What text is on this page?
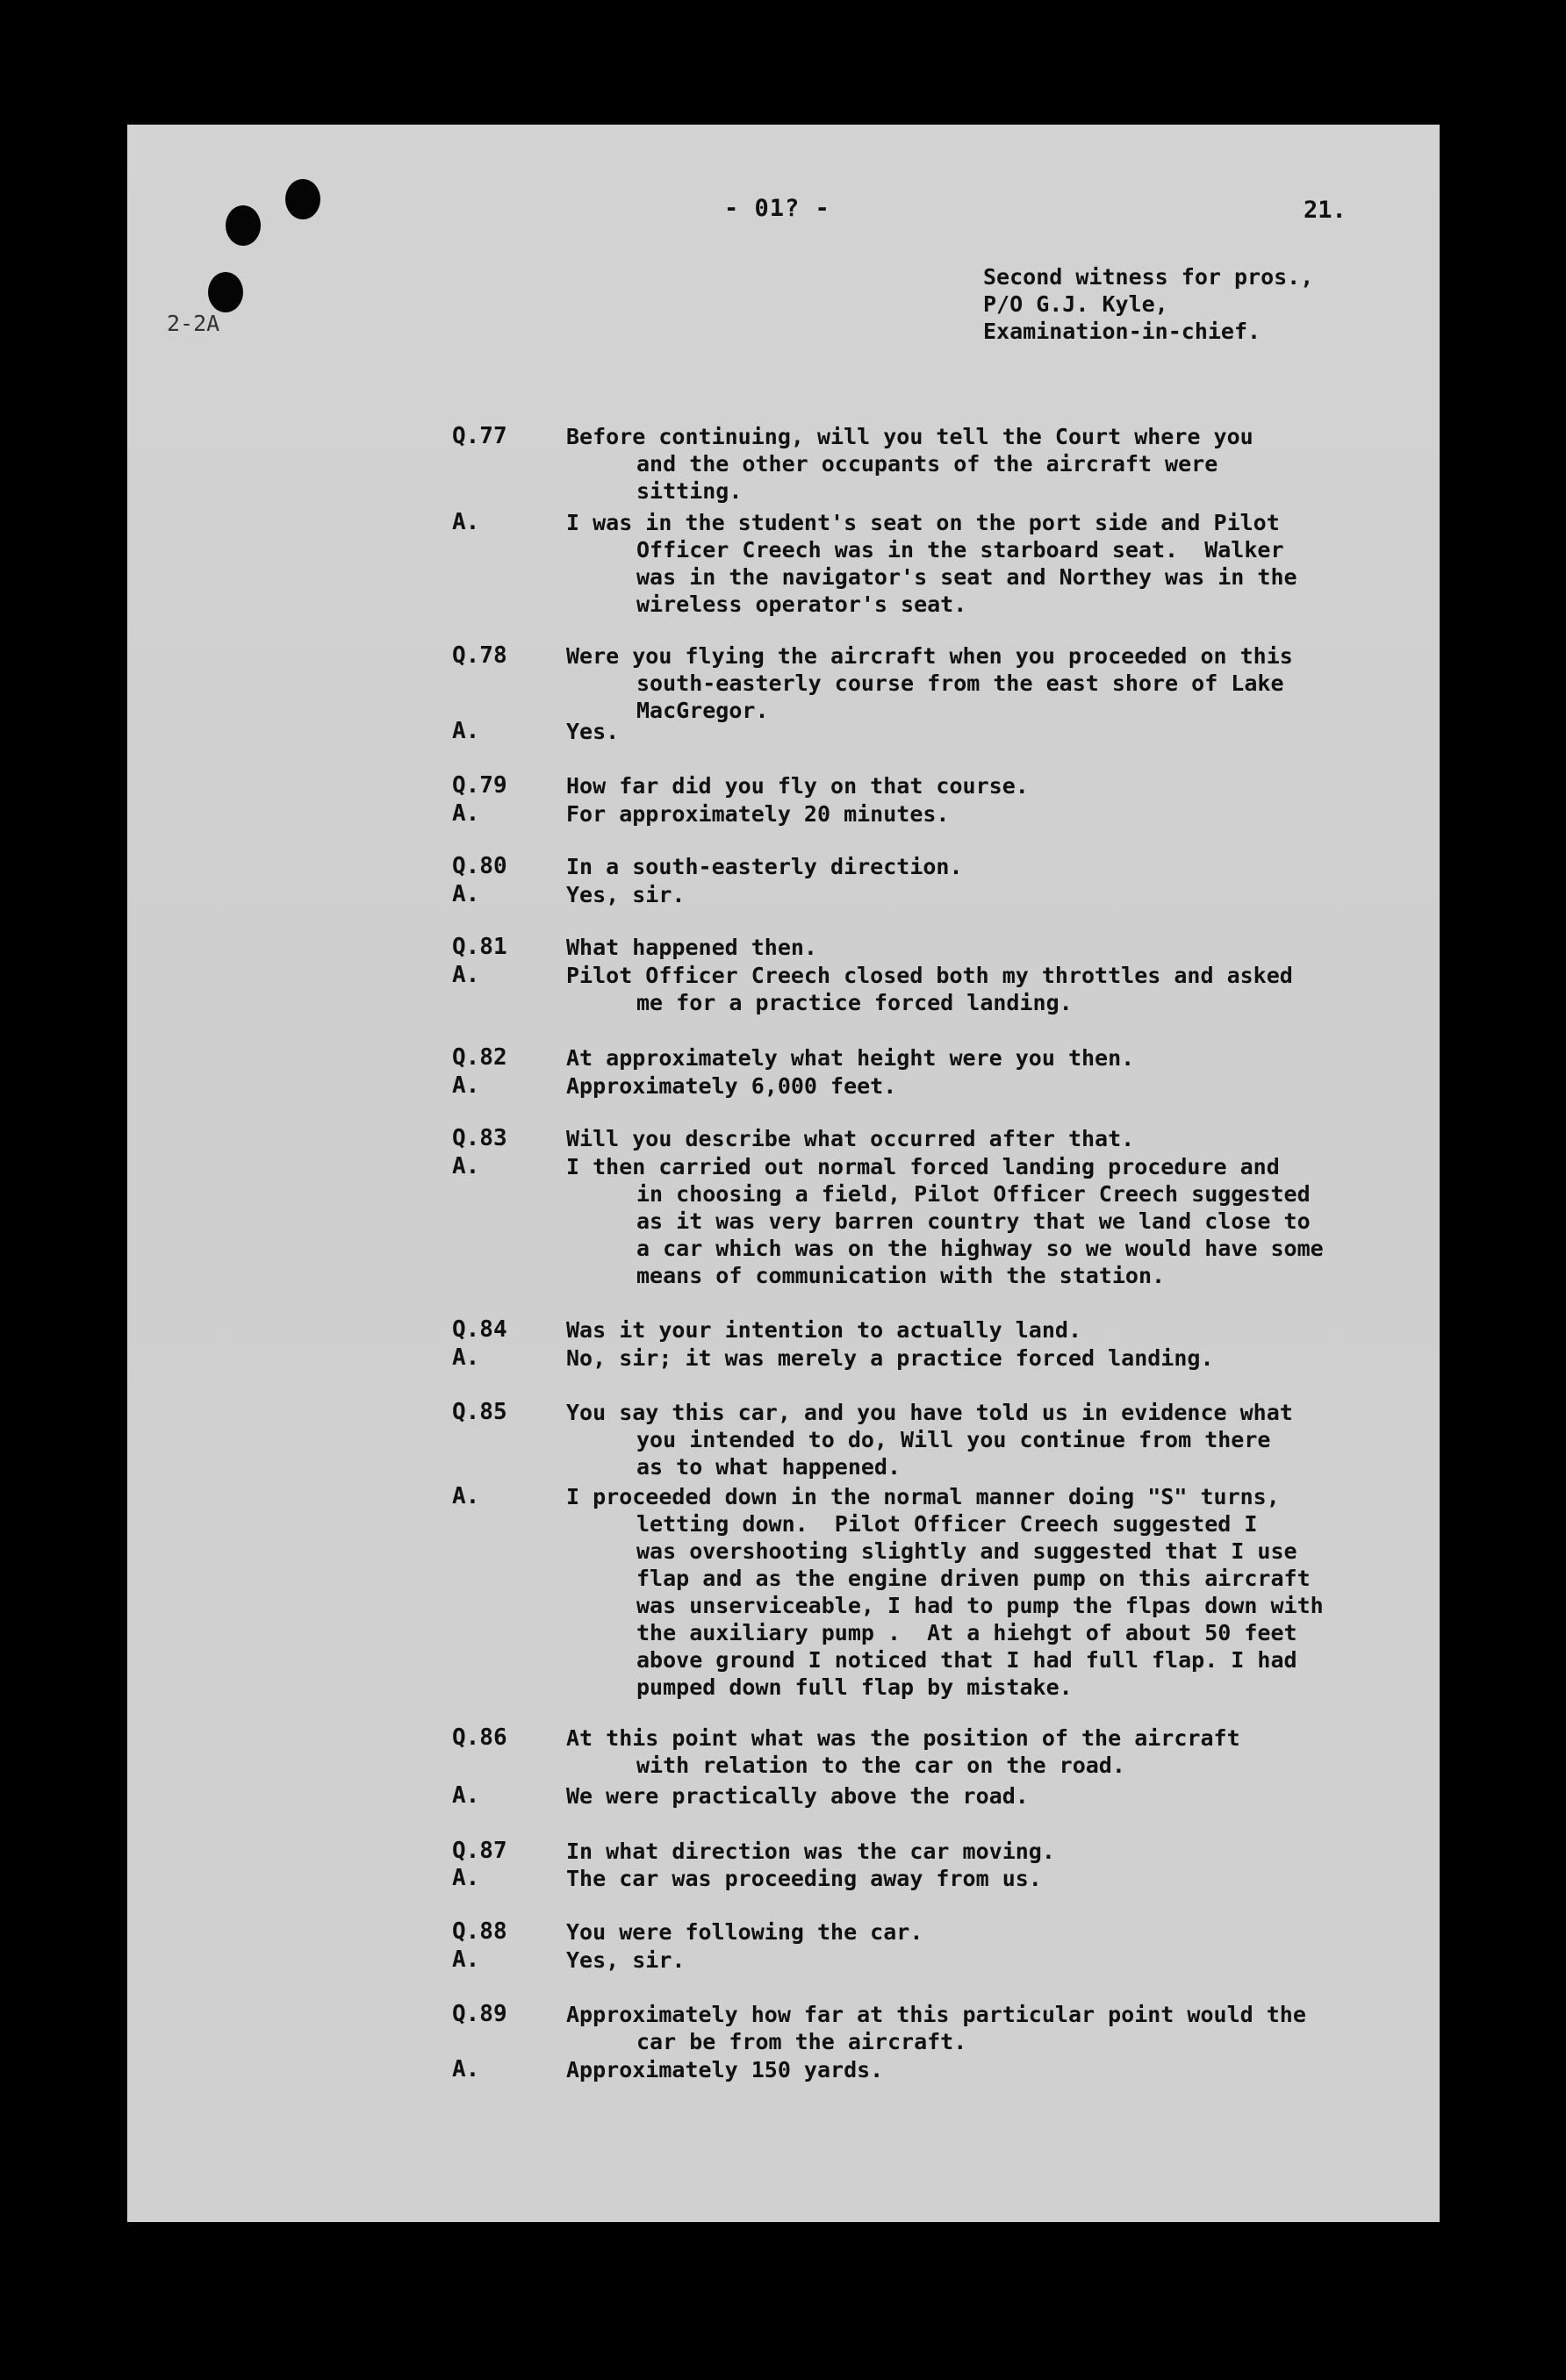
- 01? -	21.
2-2A
Second witness for pros.,
P/O G.J. Kyle,
Examination-in-chief.
Q.77	Before continuing, will you tell the Court where you
and the other occupants of the aircraft were
sitting.
A.	I was in the student's seat on the port side and Pilot
Officer Creech was in the starboard seat.  Walker
was in the navigator's seat and Northey was in the
wireless operator's seat.
Q.78	Were you flying the aircraft when you proceeded on this
south-easterly course from the east shore of Lake
MacGregor.
A.	Yes.
Q.79	How far did you fly on that course.
A.	For approximately 20 minutes.
Q.80	In a south-easterly direction.
A.	Yes, sir.
Q.81	What happened then.
A.	Pilot Officer Creech closed both my throttles and asked
me for a practice forced landing.
Q.82	At approximately what height were you then.
A.	Approximately 6,000 feet.
Q.83	Will you describe what occurred after that.
A.	I then carried out normal forced landing procedure and
in choosing a field, Pilot Officer Creech suggested
as it was very barren country that we land close to
a car which was on the highway so we would have some
means of communication with the station.
Q.84	Was it your intention to actually land.
A.	No, sir; it was merely a practice forced landing.
Q.85	You say this car, and you have told us in evidence what
you intended to do, Will you continue from there
as to what happened.
A.	I proceeded down in the normal manner doing "S" turns,
letting down.  Pilot Officer Creech suggested I
was overshooting slightly and suggested that I use
flap and as the engine driven pump on this aircraft
was unserviceable, I had to pump the flpas down with
the auxiliary pump .  At a hiehgt of about 50 feet
above ground I noticed that I had full flap. I had
pumped down full flap by mistake.
Q.86	At this point what was the position of the aircraft
with relation to the car on the road.
A.	We were practically above the road.
Q.87	In what direction was the car moving.
A.	The car was proceeding away from us.
Q.88	You were following the car.
A.	Yes, sir.
Q.89	Approximately how far at this particular point would the
car be from the aircraft.
A.	Approximately 150 yards.
